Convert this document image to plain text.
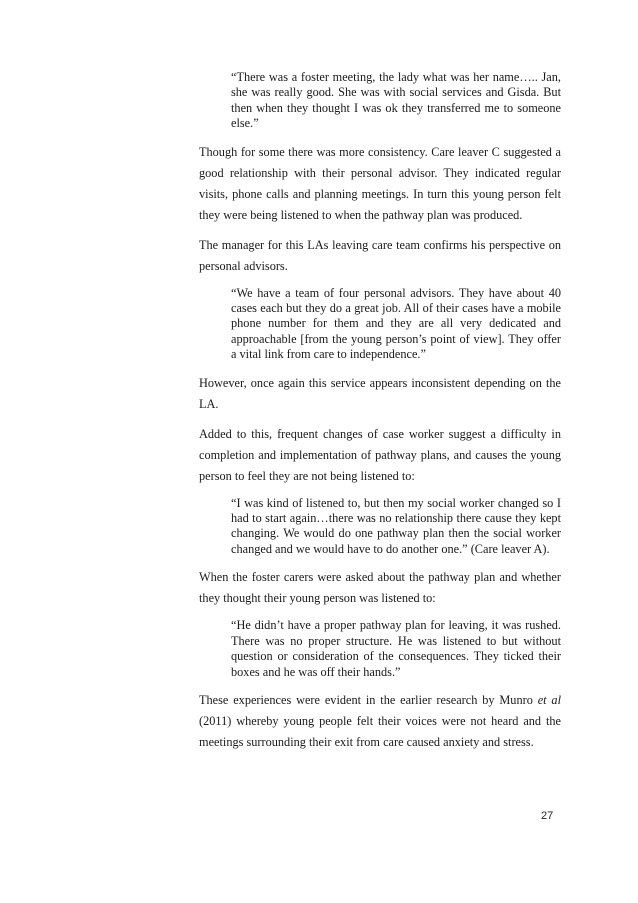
“There was a foster meeting, the lady what was her name….. Jan, she was really good. She was with social services and Gisda. But then when they thought I was ok they transferred me to someone else.”

Though for some there was more consistency. Care leaver C suggested a good relationship with their personal advisor. They indicated regular visits, phone calls and planning meetings. In turn this young person felt they were being listened to when the pathway plan was produced.

The manager for this LAs leaving care team confirms his perspective on personal advisors.

“We have a team of four personal advisors. They have about 40 cases each but they do a great job. All of their cases have a mobile phone number for them and they are all very dedicated and approachable [from the young person’s point of view]. They offer a vital link from care to independence.”

However, once again this service appears inconsistent depending on the LA.

Added to this, frequent changes of case worker suggest a difficulty in completion and implementation of pathway plans, and causes the young person to feel they are not being listened to:

“I was kind of listened to, but then my social worker changed so I had to start again…there was no relationship there cause they kept changing. We would do one pathway plan then the social worker changed and we would have to do another one.” (Care leaver A).

When the foster carers were asked about the pathway plan and whether they thought their young person was listened to:

“He didn’t have a proper pathway plan for leaving, it was rushed. There was no proper structure. He was listened to but without question or consideration of the consequences. They ticked their boxes and he was off their hands.”

These experiences were evident in the earlier research by Munro et al (2011) whereby young people felt their voices were not heard and the meetings surrounding their exit from care caused anxiety and stress.

27
